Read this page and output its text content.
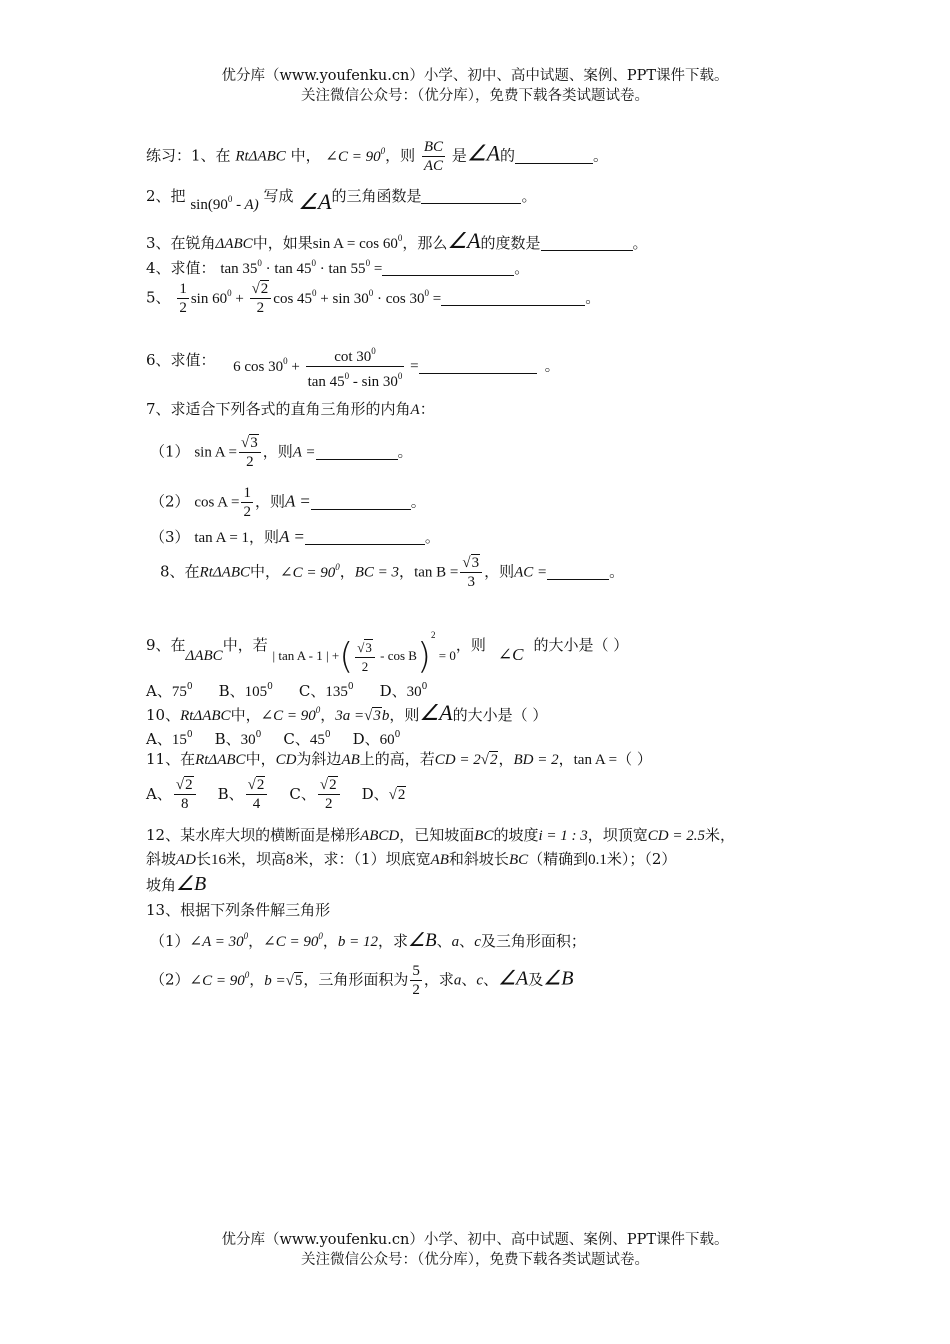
优分库（www.youfenku.cn）小学、初中、高中试题、案例、PPT课件下载。
关注微信公众号：（优分库），免费下载各类试题试卷。
练习：1、在 RtΔABC 中， ∠C = $90^0$，则 $\frac{BC}{AC}$ 是∠A的	。
2、把 $\sin(90^0 - A)$ 写成 ∠A的三角函数是	。
3、在锐角ΔABC中，如果$\sin A = \cos 60^0$，那么∠A的度数是	。
4、求值： $\tan 35^0 \cdot \tan 45^0 \cdot \tan 55^0$ =	。
5、 $\frac{1}{2}$ $\sin 60^0 + \frac{√2}{2}$ $\cos 45^0 + \sin 30^0 \cdot \cos 30^0$ =	。
6、求值： 6 $\cos 30^0 + \frac{\cot 30^0}{\tan 45^0 - \sin 30^0}$ =	。
7、求适合下列各式的直角三角形的内角A：
（1） $\sin A = \frac{√3}{2}$ ，则A =	。
（2） $\cos A = \frac{1}{2}$ ，则A =	。
（3） tan A = 1，则A =	。
8、在RtΔABC中，∠C = $90^0$，BC = 3，$\tan B = \frac{√3}{3}$ ，则AC =	。
9、在ΔABC中，若 | tan A - 1 | +( $\frac{√3}{2} - \cos B)^2 = 0$，则 ∠C 的大小是（ ）
A、$75^0$ B、$105^0$ C、$135^0$ D、$30^0$
10、RtΔABC中，∠C = $90^0$，3a =√3b，则∠A的大小是（ ）
A、$15^0$ B、$30^0$ C、$45^0$ D、$60^0$
11、在RtΔABC中，CD为斜边AB上的高，若CD = 2√2，BD = 2，tan A =（ ）
A、 $\frac{√2}{8}$ B、 $\frac{√2}{4}$ C、 $\frac{√2}{2}$ D、√2
12、某水库大坝的横断面是梯形ABCD，已知坡面BC的坡度i = 1 : 3，坝顶宽CD = 2.5米，
斜坡AD长16米，坝高8米，求：（1）坝底宽AB和斜坡长BC（精确到0.1米）；（2）
坡角∠B
13、根据下列条件解三角形
（1）∠A = $30^0$，∠C = $90^0$，b = 12，求∠B、a、c及三角形面积；
（2）∠C = $90^0$，b =√5，三角形面积为 $\frac{5}{2}$ ，求a、c、∠A及∠B
优分库（www.youfenku.cn）小学、初中、高中试题、案例、PPT课件下载。
关注微信公众号：（优分库），免费下载各类试题试卷。
